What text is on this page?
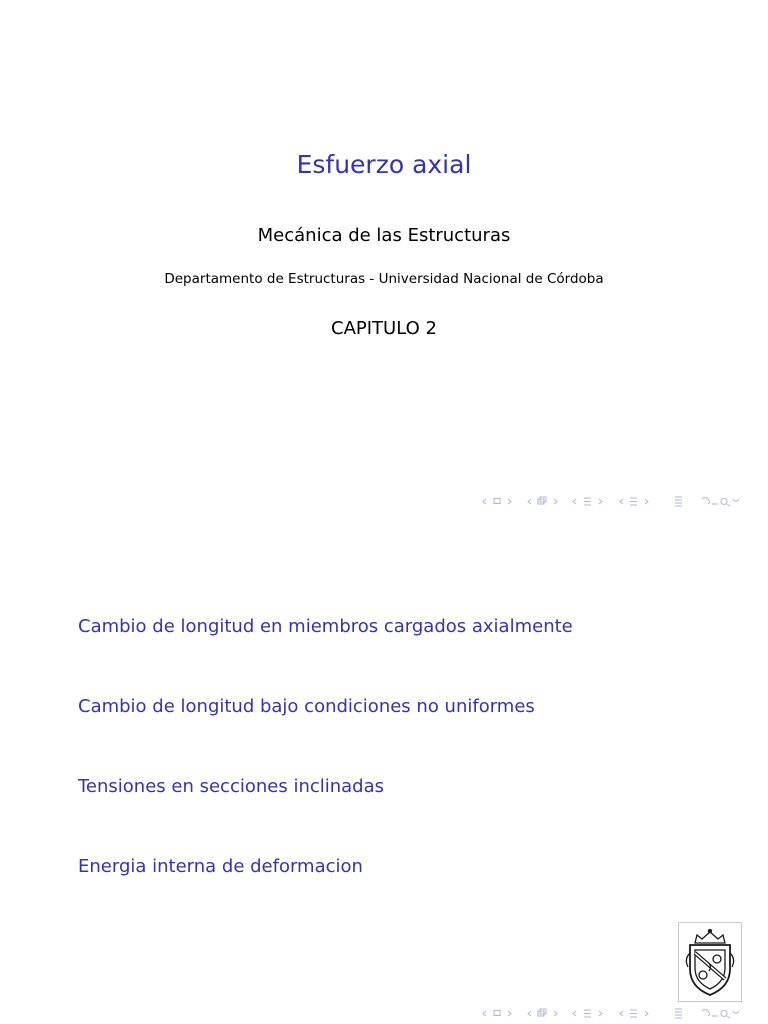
Esfuerzo axial
Mecánica de las Estructuras
Departamento de Estructuras - Universidad Nacional de Córdoba
CAPITULO 2
Cambio de longitud en miembros cargados axialmente
Cambio de longitud bajo condiciones no uniformes
Tensiones en secciones inclinadas
Energia interna de deformacion
